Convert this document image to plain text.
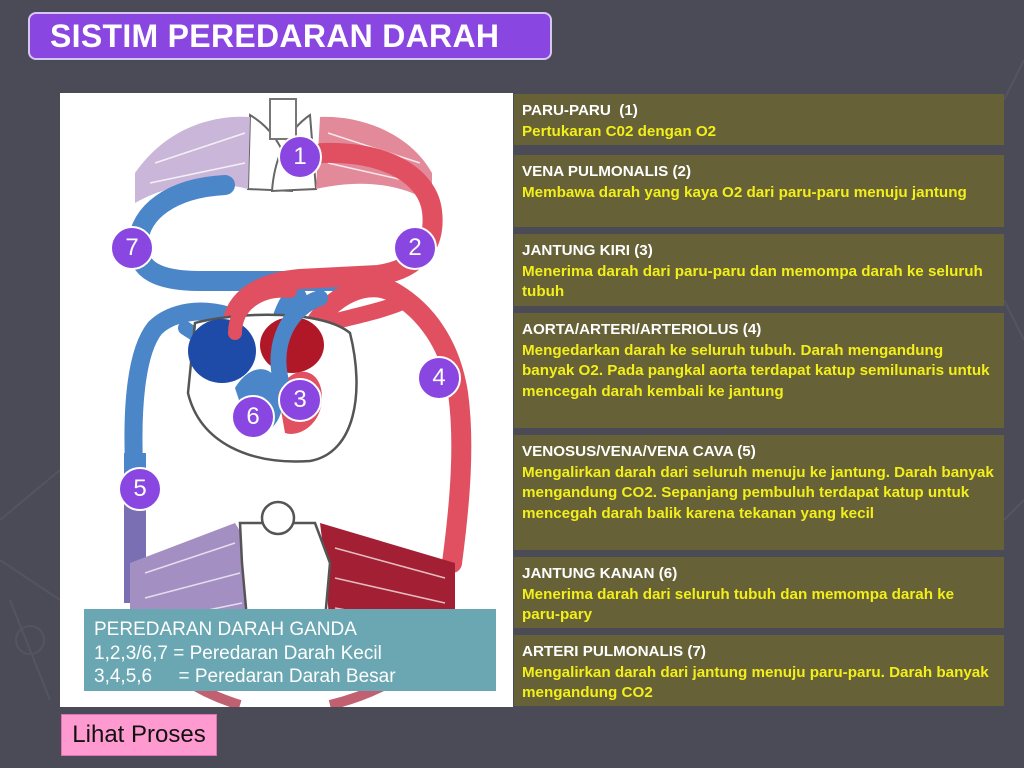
SISTIM PEREDARAN DARAH
1
2
3
4
5
6
7
PEREDARAN DARAH GANDA
1,2,3/6,7 = Peredaran Darah Kecil
3,4,5,6     = Peredaran Darah Besar
Lihat Proses
PARU-PARU  (1)
Pertukaran C02 dengan O2
VENA PULMONALIS (2)
Membawa darah yang kaya O2 dari paru-paru menuju jantung
JANTUNG KIRI (3)
Menerima darah dari paru-paru dan memompa darah ke seluruh tubuh
AORTA/ARTERI/ARTERIOLUS (4)
Mengedarkan darah ke seluruh tubuh. Darah mengandung banyak O2. Pada pangkal aorta terdapat katup semilunaris untuk mencegah darah kembali ke jantung
VENOSUS/VENA/VENA CAVA (5)
Mengalirkan darah dari seluruh menuju ke jantung. Darah banyak mengandung CO2. Sepanjang pembuluh terdapat katup untuk mencegah darah balik karena tekanan yang kecil
JANTUNG KANAN (6)
Menerima darah dari seluruh tubuh dan memompa darah ke paru-pary
ARTERI PULMONALIS (7)
Mengalirkan darah dari jantung menuju paru-paru. Darah banyak mengandung CO2
